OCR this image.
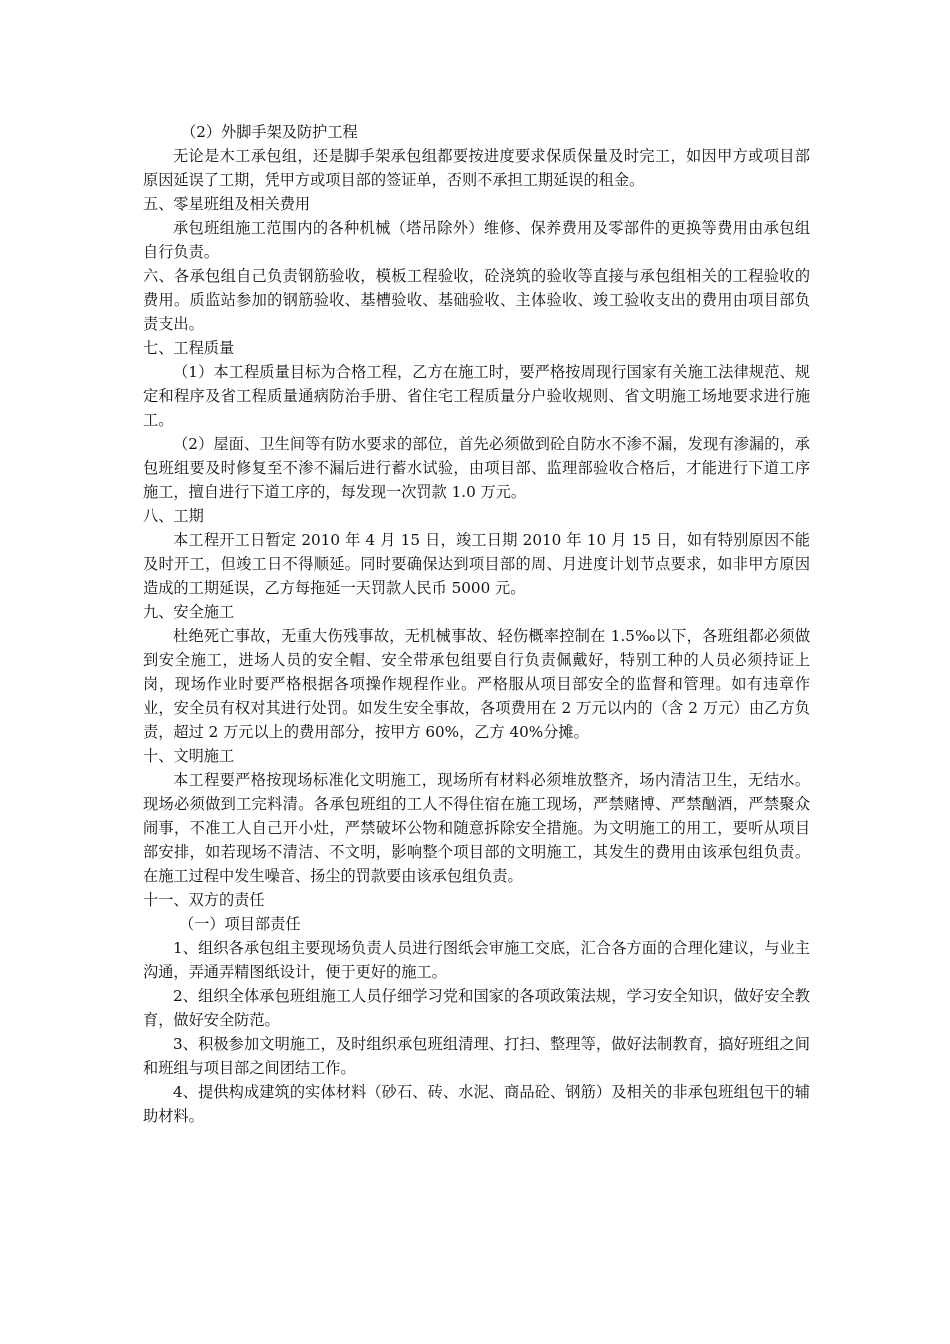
（2）外脚手架及防护工程

无论是木工承包组，还是脚手架承包组都要按进度要求保质保量及时完工，如因甲方或项目部原因延误了工期，凭甲方或项目部的签证单，否则不承担工期延误的租金。

五、零星班组及相关费用

承包班组施工范围内的各种机械（塔吊除外）维修、保养费用及零部件的更换等费用由承包组自行负责。

六、各承包组自己负责钢筋验收，模板工程验收，砼浇筑的验收等直接与承包组相关的工程验收的费用。质监站参加的钢筋验收、基槽验收、基础验收、主体验收、竣工验收支出的费用由项目部负责支出。

七、工程质量

（1）本工程质量目标为合格工程，乙方在施工时，要严格按周现行国家有关施工法律规范、规定和程序及省工程质量通病防治手册、省住宅工程质量分户验收规则、省文明施工场地要求进行施工。

（2）屋面、卫生间等有防水要求的部位，首先必须做到砼自防水不渗不漏，发现有渗漏的，承包班组要及时修复至不渗不漏后进行蓄水试验，由项目部、监理部验收合格后，才能进行下道工序施工，擅自进行下道工序的，每发现一次罚款 1.0 万元。

八、工期

本工程开工日暂定 2010 年 4 月 15 日，竣工日期 2010 年 10 月 15 日，如有特别原因不能及时开工，但竣工日不得顺延。同时要确保达到项目部的周、月进度计划节点要求，如非甲方原因造成的工期延误，乙方每拖延一天罚款人民币 5000 元。

九、安全施工

杜绝死亡事故，无重大伤残事故，无机械事故、轻伤概率控制在 1.5‰以下，各班组都必须做到安全施工，进场人员的安全帽、安全带承包组要自行负责佩戴好，特别工种的人员必须持证上岗，现场作业时要严格根据各项操作规程作业。严格服从项目部安全的监督和管理。如有违章作业，安全员有权对其进行处罚。如发生安全事故，各项费用在 2 万元以内的（含 2 万元）由乙方负责，超过 2 万元以上的费用部分，按甲方 60%，乙方 40%分摊。

十、文明施工

本工程要严格按现场标准化文明施工，现场所有材料必须堆放整齐，场内清洁卫生，无结水。现场必须做到工完料清。各承包班组的工人不得住宿在施工现场，严禁赌博、严禁酗酒，严禁聚众闹事，不准工人自己开小灶，严禁破坏公物和随意拆除安全措施。为文明施工的用工，要听从项目部安排，如若现场不清洁、不文明，影响整个项目部的文明施工，其发生的费用由该承包组负责。在施工过程中发生噪音、扬尘的罚款要由该承包组负责。

十一、双方的责任

（一）项目部责任

1、组织各承包组主要现场负责人员进行图纸会审施工交底，汇合各方面的合理化建议，与业主沟通，弄通弄精图纸设计，便于更好的施工。

2、组织全体承包班组施工人员仔细学习党和国家的各项政策法规，学习安全知识，做好安全教育，做好安全防范。

3、积极参加文明施工，及时组织承包班组清理、打扫、整理等，做好法制教育，搞好班组之间和班组与项目部之间团结工作。

4、提供构成建筑的实体材料（砂石、砖、水泥、商品砼、钢筋）及相关的非承包班组包干的辅助材料。
